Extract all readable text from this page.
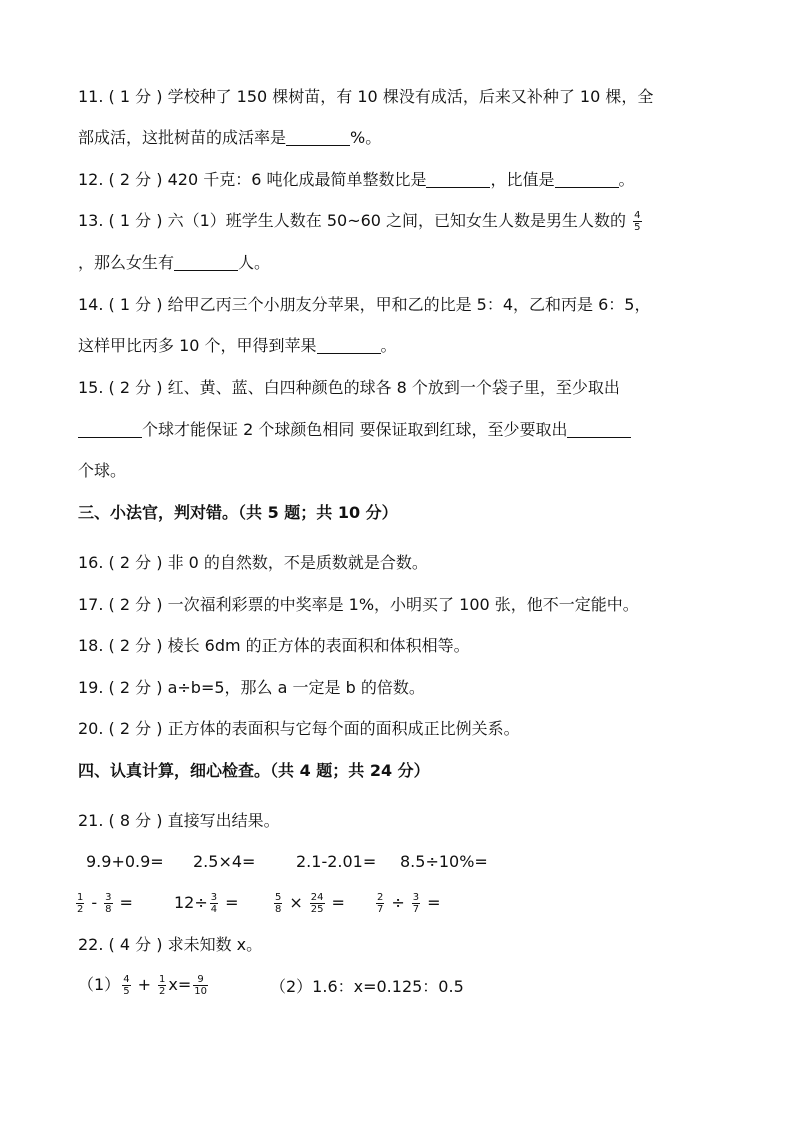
11. ( 1 分 ) 学校种了 150 棵树苗，有 10 棵没有成活，后来又补种了 10 棵，全
部成活，这批树苗的成活率是	%。
12. ( 2 分 ) 420 千克：6 吨化成最简单整数比是	，比值是	。
13. ( 1 分 ) 六（1）班学生人数在 50~60 之间，已知女生人数是男生人数的 $\frac{4}{5}$
，那么女生有	人。
14. ( 1 分 ) 给甲乙丙三个小朋友分苹果，甲和乙的比是 5：4，乙和丙是 6：5，
这样甲比丙多 10 个，甲得到苹果	。
15. ( 2 分 ) 红、黄、蓝、白四种颜色的球各 8 个放到一个袋子里，至少取出
个球才能保证 2 个球颜色相同 要保证取到红球，至少要取出
个球。
三、小法官，判对错。（共 5 题；共 10 分）
16. ( 2 分 ) 非 0 的自然数，不是质数就是合数。
17. ( 2 分 ) 一次福利彩票的中奖率是 1%，小明买了 100 张，他不一定能中。
18. ( 2 分 ) 棱长 6dm 的正方体的表面积和体积相等。
19. ( 2 分 ) a÷b=5，那么 a 一定是 b 的倍数。
20. ( 2 分 ) 正方体的表面积与它每个面的面积成正比例关系。
四、认真计算，细心检查。（共 4 题；共 24 分）
21. ( 8 分 ) 直接写出结果。
9.9+0.9= 2.5×4=	2.1-2.01= 8.5÷10%=
$\frac{1}{2} - \frac{3}{8}$ =	$12\div \frac{3}{4}$ =	$\frac{5}{8} \times \frac{24}{25}$ =	$\frac{2}{7} \div \frac{3}{7}$ =
22. ( 4 分 ) 求未知数 x。
$(1) \frac{4}{5} + \frac{1}{2} x= \frac{9}{10}$	（2）1.6：x=0.125：0.5
